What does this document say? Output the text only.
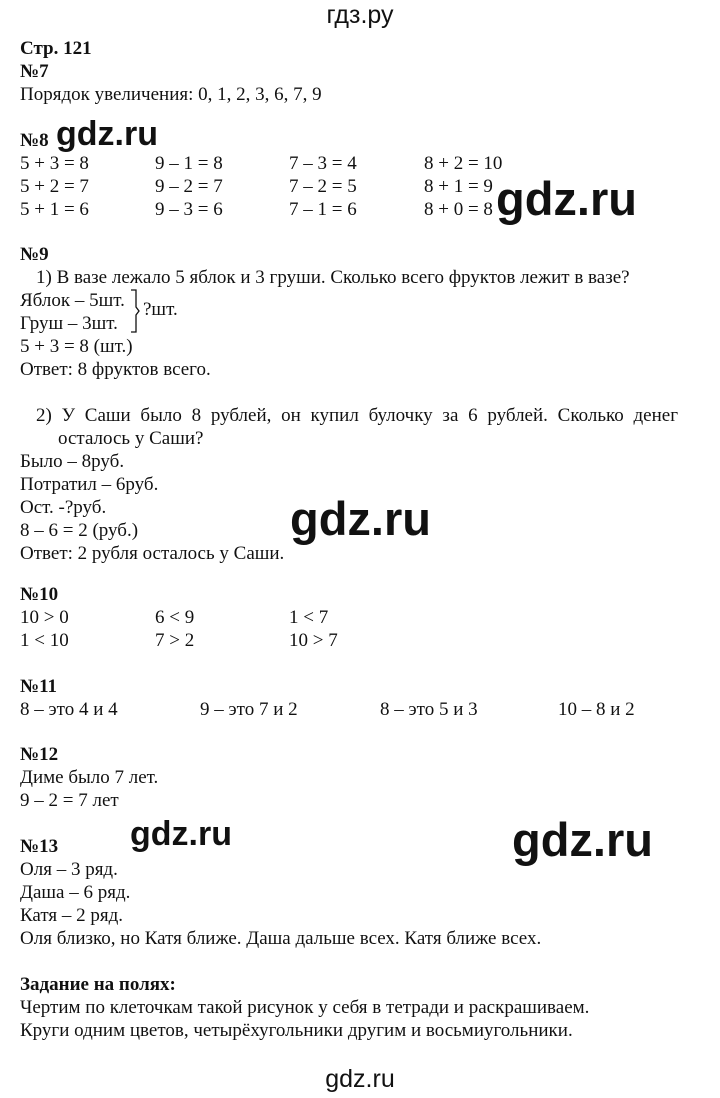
гдз.ру
Стр. 121
№7
Порядок увеличения: 0, 1, 2, 3, 6, 7, 9
№8
5 + 3 = 8	9 – 1 = 8	7 – 3 = 4	8 + 2 = 10
5 + 2 = 7	9 – 2 = 7	7 – 2 = 5	8 + 1 = 9
5 + 1 = 6	9 – 3 = 6	7 – 1 = 6	8 + 0 = 8
№9
1) В вазе лежало 5 яблок и 3 груши. Сколько всего фруктов лежит в вазе?
Яблок – 5шт.
Груш – 3шт.
?шт.
5 + 3 = 8 (шт.)
Ответ: 8 фруктов всего.
2) У Саши было 8 рублей, он купил булочку за 6 рублей. Сколько денег
осталось у Саши?
Было – 8руб.
Потратил – 6руб.
Ост. -?руб.
8 – 6 = 2 (руб.)
Ответ: 2 рубля осталось у Саши.
№10
10 > 0	6 < 9	1 < 7
1 < 10	7 > 2	10 > 7
№11
8 – это 4 и 4	9 – это 7 и 2	8 – это 5 и 3	10 – 8 и 2
№12
Диме было 7 лет.
9 – 2 = 7 лет
№13
Оля – 3 ряд.
Даша – 6 ряд.
Катя – 2 ряд.
Оля близко, но Катя ближе. Даша дальше всех. Катя ближе всех.
Задание на полях:
Чертим по клеточкам такой рисунок у себя в тетради и раскрашиваем.
Круги одним цветов, четырёхугольники другим и восьмиугольники.
gdz.ru
gdz.ru
gdz.ru
gdz.ru	gdz.ru
gdz.ru
